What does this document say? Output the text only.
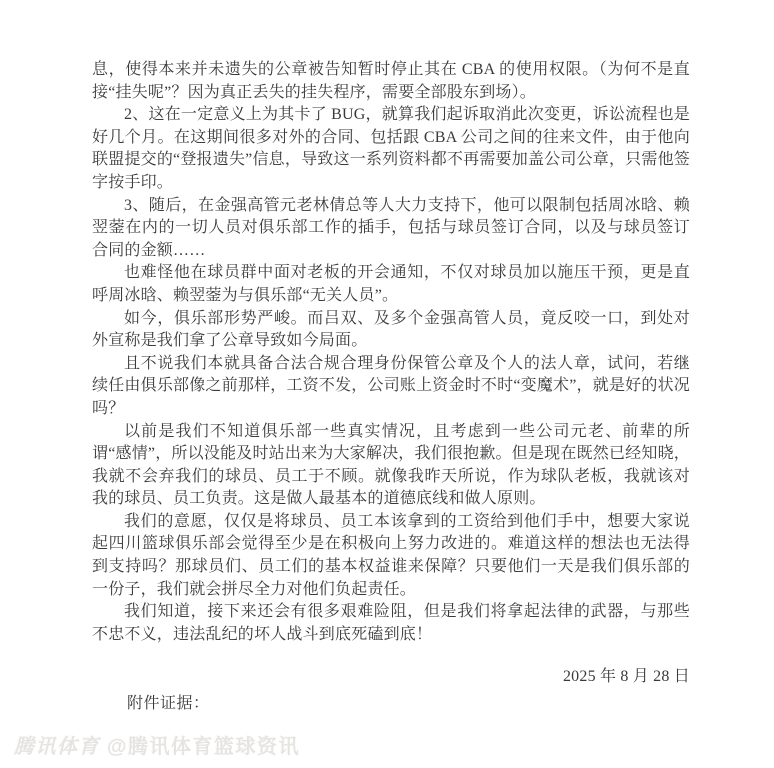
息，使得本来并未遗失的公章被告知暂时停止其在 CBA 的使用权限。（为何不是直接“挂失呢”？因为真正丢失的挂失程序，需要全部股东到场）。

2、这在一定意义上为其卡了 BUG，就算我们起诉取消此次变更，诉讼流程也是好几个月。在这期间很多对外的合同、包括跟 CBA 公司之间的往来文件，由于他向联盟提交的“登报遗失”信息，导致这一系列资料都不再需要加盖公司公章，只需他签字按手印。

3、随后，在金强高管元老林倩总等人大力支持下，他可以限制包括周冰晗、赖翌蓥在内的一切人员对俱乐部工作的插手，包括与球员签订合同，以及与球员签订合同的金额……

也难怪他在球员群中面对老板的开会通知，不仅对球员加以施压干预，更是直呼周冰晗、赖翌蓥为与俱乐部“无关人员”。

如今，俱乐部形势严峻。而吕双、及多个金强高管人员，竟反咬一口，到处对外宣称是我们拿了公章导致如今局面。

且不说我们本就具备合法合规合理身份保管公章及个人的法人章，试问，若继续任由俱乐部像之前那样，工资不发，公司账上资金时不时“变魔术”，就是好的状况吗？

以前是我们不知道俱乐部一些真实情况，且考虑到一些公司元老、前辈的所谓“感情”，所以没能及时站出来为大家解决，我们很抱歉。但是现在既然已经知晓，我就不会弃我们的球员、员工于不顾。就像我昨天所说，作为球队老板，我就该对我的球员、员工负责。这是做人最基本的道德底线和做人原则。

我们的意愿，仅仅是将球员、员工本该拿到的工资给到他们手中，想要大家说起四川篮球俱乐部会觉得至少是在积极向上努力改进的。难道这样的想法也无法得到支持吗？那球员们、员工们的基本权益谁来保障？只要他们一天是我们俱乐部的一份子，我们就会拼尽全力对他们负起责任。

我们知道，接下来还会有很多艰难险阻，但是我们将拿起法律的武器，与那些不忠不义，违法乱纪的坏人战斗到底死磕到底！

2025 年 8 月 28 日

附件证据：

腾讯体育 @腾讯体育篮球资讯
